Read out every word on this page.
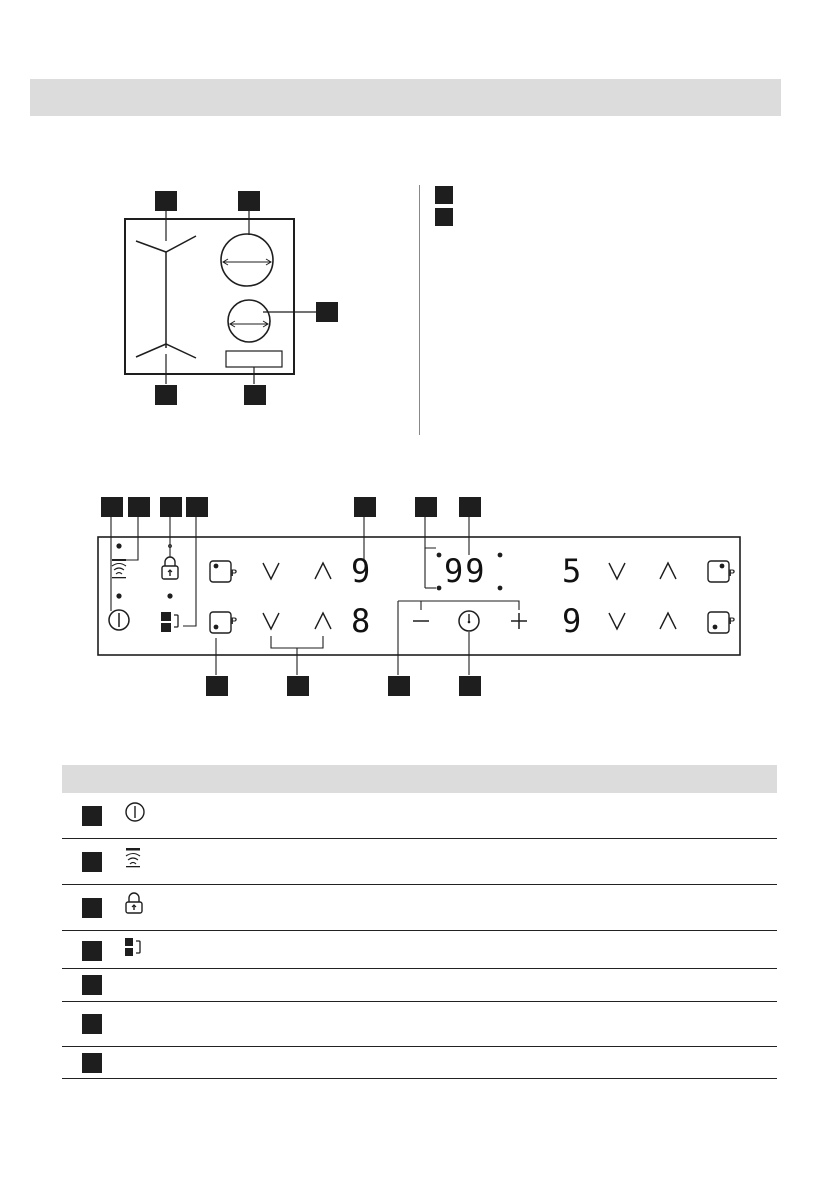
P
P
P
P
9
8
99 5
9
